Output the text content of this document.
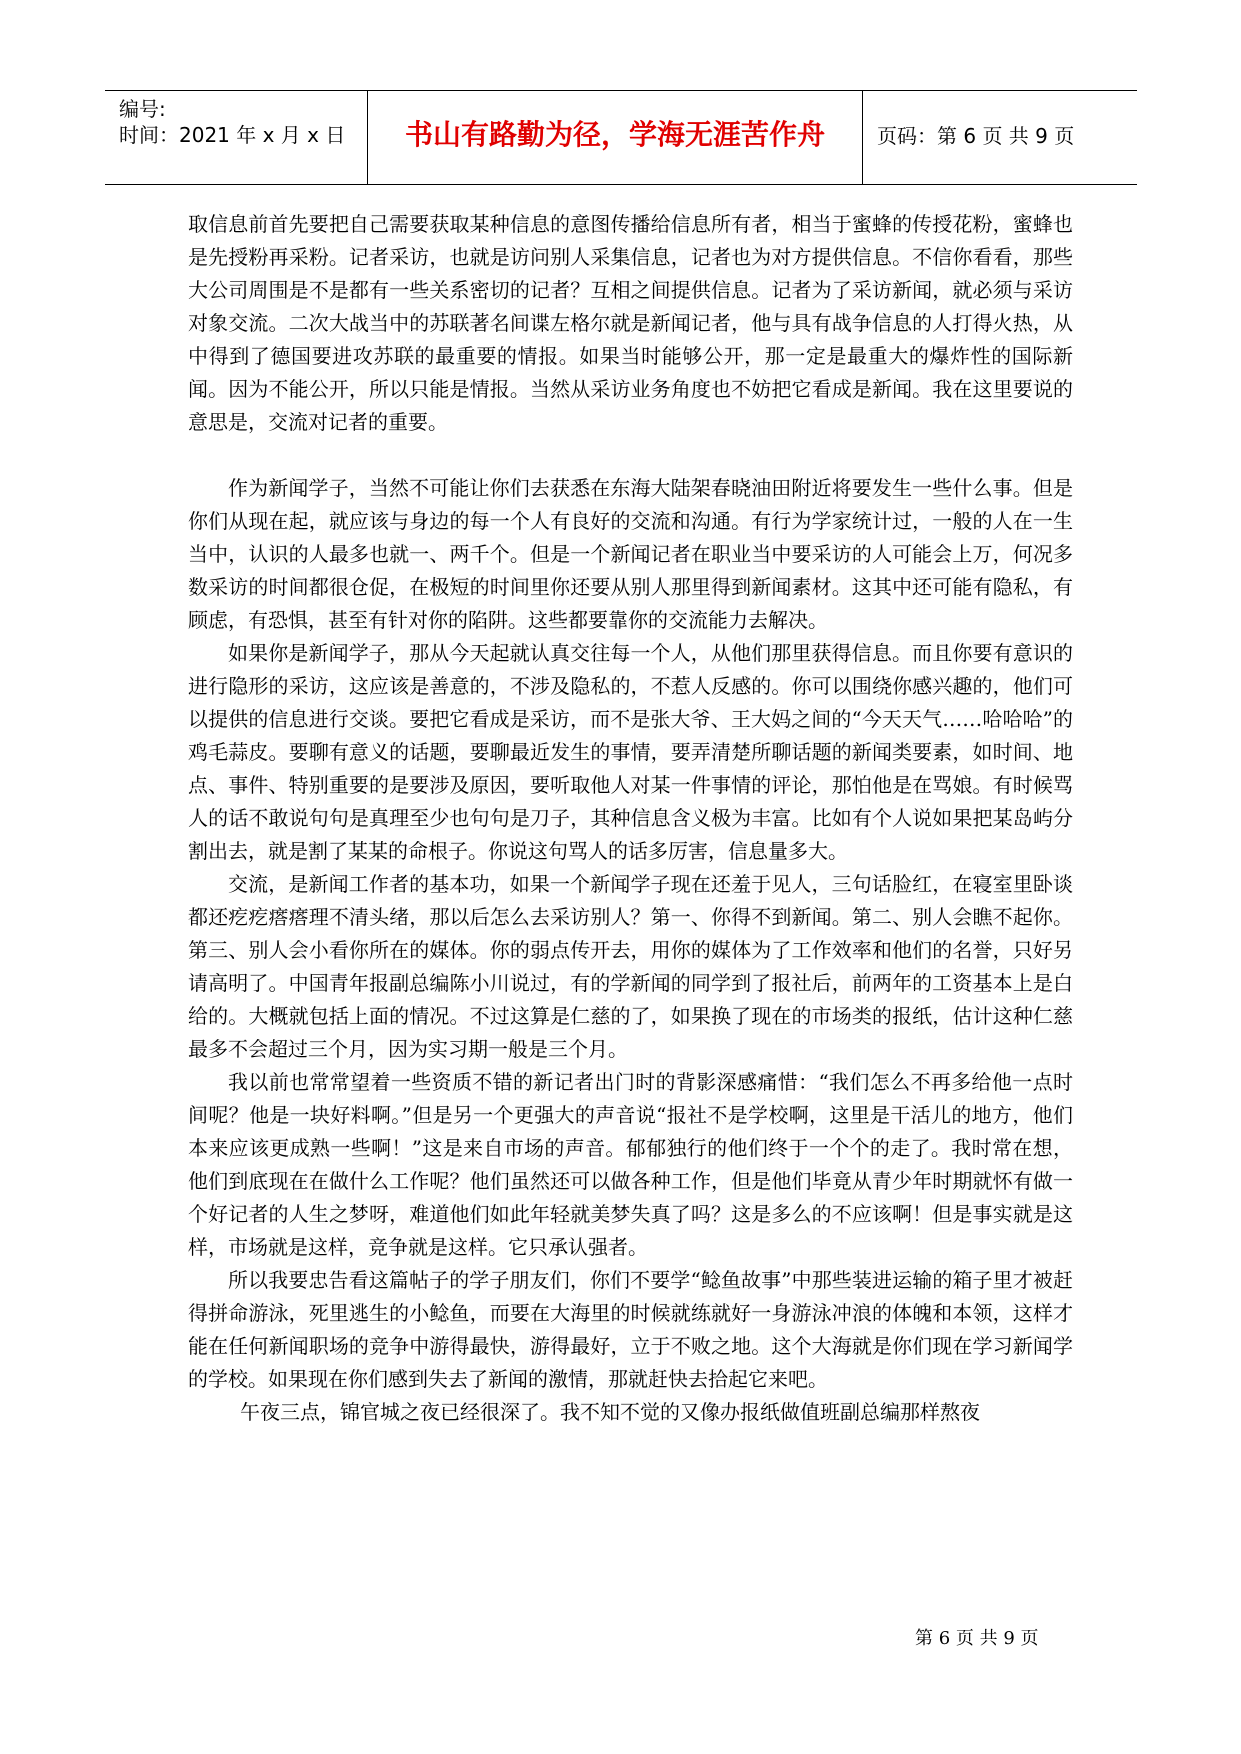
编号:
时间：2021 年 x 月 x 日	书山有路勤为径，学海无涯苦作舟	页码：第 6 页 共 9 页

取信息前首先要把自己需要获取某种信息的意图传播给信息所有者，相当于蜜蜂的传授花粉，蜜蜂也是先授粉再采粉。记者采访，也就是访问别人采集信息，记者也为对方提供信息。不信你看看，那些大公司周围是不是都有一些关系密切的记者？互相之间提供信息。记者为了采访新闻，就必须与采访对象交流。二次大战当中的苏联著名间谍左格尔就是新闻记者，他与具有战争信息的人打得火热，从中得到了德国要进攻苏联的最重要的情报。如果当时能够公开，那一定是最重大的爆炸性的国际新闻。因为不能公开，所以只能是情报。当然从采访业务角度也不妨把它看成是新闻。我在这里要说的意思是，交流对记者的重要。

作为新闻学子，当然不可能让你们去获悉在东海大陆架春晓油田附近将要发生一些什么事。但是你们从现在起，就应该与身边的每一个人有良好的交流和沟通。有行为学家统计过，一般的人在一生当中，认识的人最多也就一、两千个。但是一个新闻记者在职业当中要采访的人可能会上万，何况多数采访的时间都很仓促，在极短的时间里你还要从别人那里得到新闻素材。这其中还可能有隐私，有顾虑，有恐惧，甚至有针对你的陷阱。这些都要靠你的交流能力去解决。

如果你是新闻学子，那从今天起就认真交往每一个人，从他们那里获得信息。而且你要有意识的进行隐形的采访，这应该是善意的，不涉及隐私的，不惹人反感的。你可以围绕你感兴趣的，他们可以提供的信息进行交谈。要把它看成是采访，而不是张大爷、王大妈之间的“今天天气……哈哈哈”的鸡毛蒜皮。要聊有意义的话题，要聊最近发生的事情，要弄清楚所聊话题的新闻类要素，如时间、地点、事件、特别重要的是要涉及原因，要听取他人对某一件事情的评论，那怕他是在骂娘。有时候骂人的话不敢说句句是真理至少也句句是刀子，其种信息含义极为丰富。比如有个人说如果把某岛屿分割出去，就是割了某某的命根子。你说这句骂人的话多厉害，信息量多大。

交流，是新闻工作者的基本功，如果一个新闻学子现在还羞于见人，三句话脸红，在寝室里卧谈都还疙疙瘩瘩理不清头绪，那以后怎么去采访别人？第一、你得不到新闻。第二、别人会瞧不起你。第三、别人会小看你所在的媒体。你的弱点传开去，用你的媒体为了工作效率和他们的名誉，只好另请高明了。中国青年报副总编陈小川说过，有的学新闻的同学到了报社后，前两年的工资基本上是白给的。大概就包括上面的情况。不过这算是仁慈的了，如果换了现在的市场类的报纸，估计这种仁慈最多不会超过三个月，因为实习期一般是三个月。

我以前也常常望着一些资质不错的新记者出门时的背影深感痛惜：“我们怎么不再多给他一点时间呢？他是一块好料啊。”但是另一个更强大的声音说“报社不是学校啊，这里是干活儿的地方，他们本来应该更成熟一些啊！”这是来自市场的声音。郁郁独行的他们终于一个个的走了。我时常在想，他们到底现在在做什么工作呢？他们虽然还可以做各种工作，但是他们毕竟从青少年时期就怀有做一个好记者的人生之梦呀，难道他们如此年轻就美梦失真了吗？这是多么的不应该啊！但是事实就是这样，市场就是这样，竞争就是这样。它只承认强者。

所以我要忠告看这篇帖子的学子朋友们，你们不要学“鲶鱼故事”中那些装进运输的箱子里才被赶得拼命游泳，死里逃生的小鲶鱼，而要在大海里的时候就练就好一身游泳冲浪的体魄和本领，这样才能在任何新闻职场的竞争中游得最快，游得最好，立于不败之地。这个大海就是你们现在学习新闻学的学校。如果现在你们感到失去了新闻的激情，那就赶快去拾起它来吧。

午夜三点，锦官城之夜已经很深了。我不知不觉的又像办报纸做值班副总编那样熬夜

第 6 页 共 9 页
